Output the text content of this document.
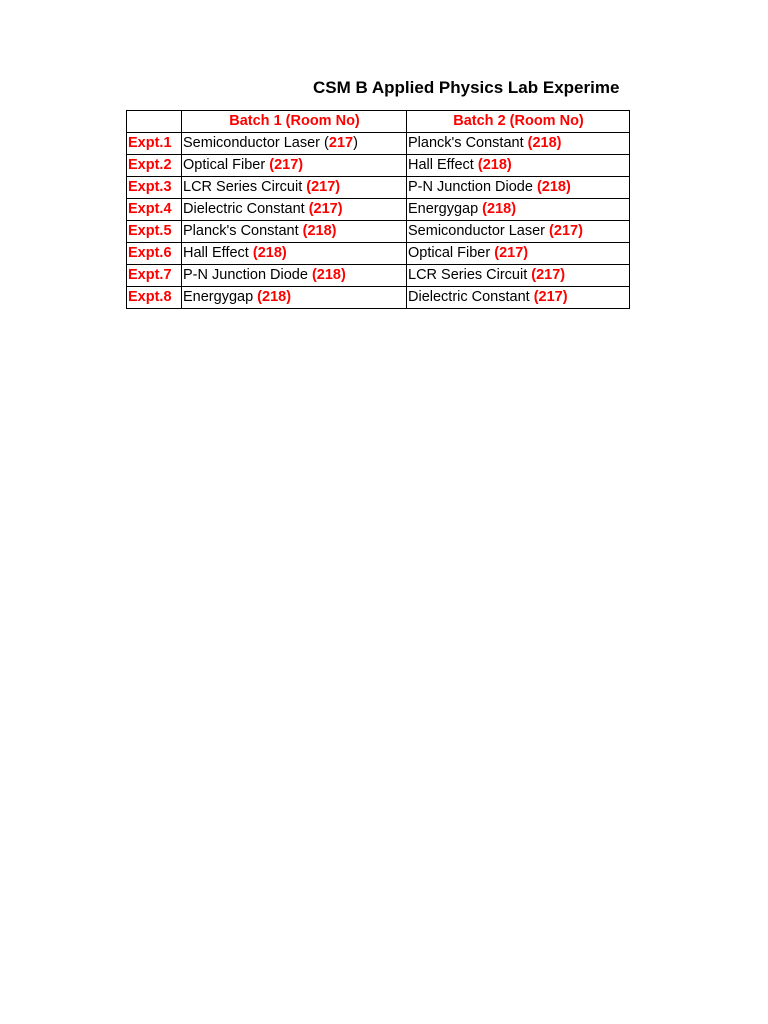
CSM B Applied Physics Lab Experime
	Batch 1 (Room No)	Batch 2 (Room No)
Expt.1	Semiconductor Laser (217)	Planck's Constant (218)
Expt.2	Optical Fiber (217)	Hall Effect (218)
Expt.3	LCR Series Circuit (217)	P-N Junction Diode (218)
Expt.4	Dielectric Constant (217)	Energygap (218)
Expt.5	Planck's Constant (218)	Semiconductor Laser (217)
Expt.6	Hall Effect (218)	Optical Fiber (217)
Expt.7	P-N Junction Diode (218)	LCR Series Circuit (217)
Expt.8	Energygap (218)	Dielectric Constant (217)
